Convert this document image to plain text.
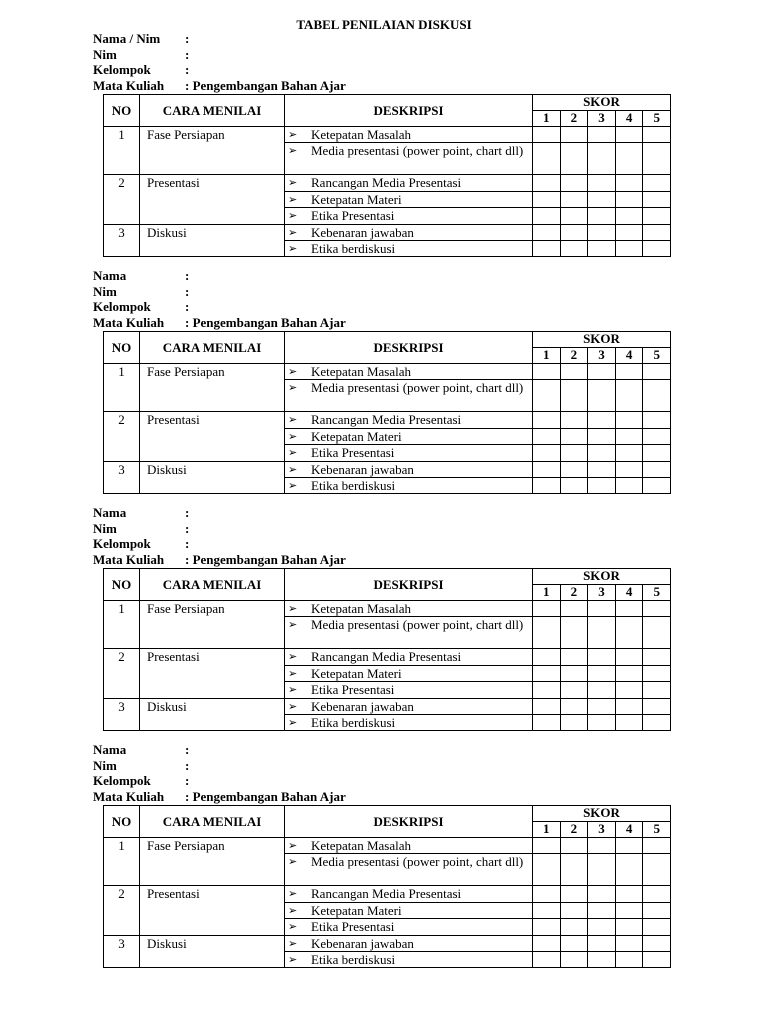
TABEL PENILAIAN DISKUSI
Nama / Nim :
Nim	:
Kelompok	:
Mata Kuliah : Pengembangan Bahan Ajar
NO	CARA MENILAI	DESKRIPSI	SKOR				
			1	2	3	4	5
1	Fase Persiapan	➢ Ketepatan Masalah					

		➢ Media presentasi (power point, chart dll)					
2	Presentasi	➢ Rancangan Media Presentasi					

		➢ Ketepatan Materi					

		➢ Etika Presentasi					
3	Diskusi	➢ Kebenaran jawaban					

		➢ Etika berdiskusi					
Nama	:
Nim	:
Kelompok	:
Mata Kuliah : Pengembangan Bahan Ajar
NO	CARA MENILAI	DESKRIPSI	SKOR				
			1	2	3	4	5
1	Fase Persiapan	➢ Ketepatan Masalah					

		➢ Media presentasi (power point, chart dll)					
2	Presentasi	➢ Rancangan Media Presentasi					

		➢ Ketepatan Materi					

		➢ Etika Presentasi					
3	Diskusi	➢ Kebenaran jawaban					

		➢ Etika berdiskusi					
Nama	:
Nim	:
Kelompok	:
Mata Kuliah : Pengembangan Bahan Ajar
NO	CARA MENILAI	DESKRIPSI	SKOR				
			1	2	3	4	5
1	Fase Persiapan	➢ Ketepatan Masalah					

		➢ Media presentasi (power point, chart dll)					
2	Presentasi	➢ Rancangan Media Presentasi					

		➢ Ketepatan Materi					

		➢ Etika Presentasi					
3	Diskusi	➢ Kebenaran jawaban					

		➢ Etika berdiskusi					
Nama	:
Nim	:
Kelompok	:
Mata Kuliah : Pengembangan Bahan Ajar
NO	CARA MENILAI	DESKRIPSI	SKOR				
			1	2	3	4	5
1	Fase Persiapan	➢ Ketepatan Masalah					

		➢ Media presentasi (power point, chart dll)					
2	Presentasi	➢ Rancangan Media Presentasi					

		➢ Ketepatan Materi					

		➢ Etika Presentasi					
3	Diskusi	➢ Kebenaran jawaban					

		➢ Etika berdiskusi					
